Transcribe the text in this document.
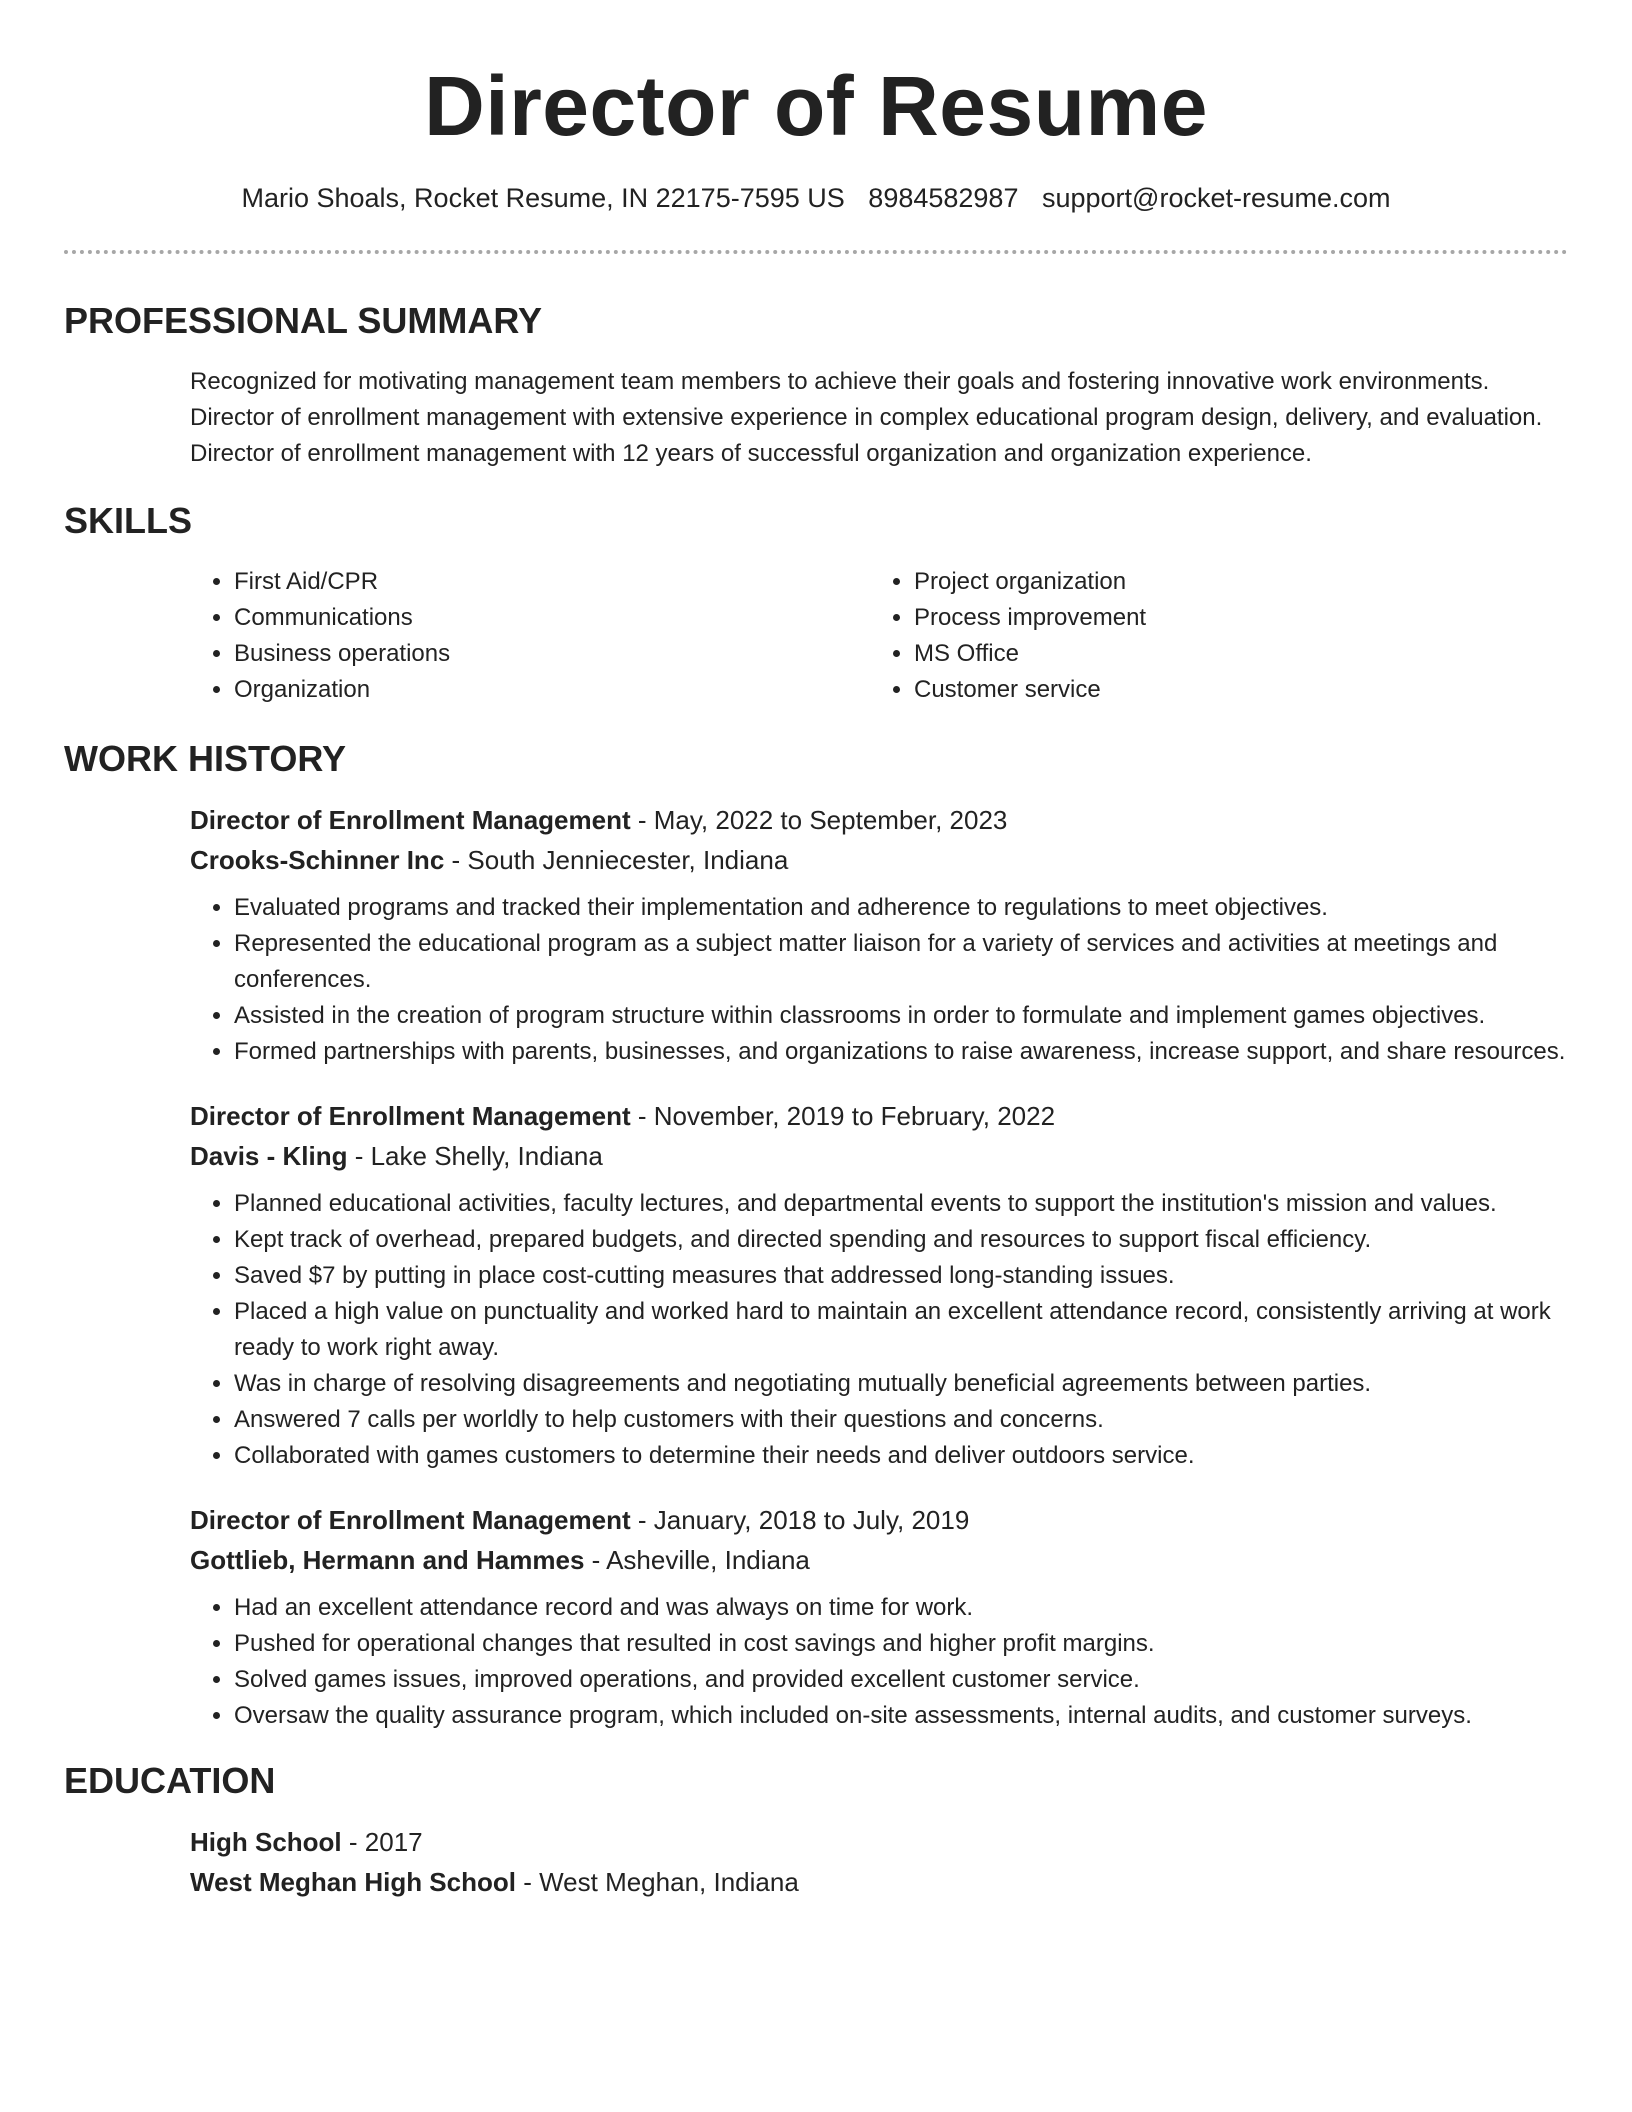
Director of Resume

Mario Shoals, Rocket Resume, IN 22175-7595 US 8984582987 support@rocket-resume.com

PROFESSIONAL SUMMARY

Recognized for motivating management team members to achieve their goals and fostering innovative work environments. Director of enrollment management with extensive experience in complex educational program design, delivery, and evaluation. Director of enrollment management with 12 years of successful organization and organization experience.

SKILLS
• First Aid/CPR
• Communications
• Business operations
• Organization
• Project organization
• Process improvement
• MS Office
• Customer service
WORK HISTORY
Director of Enrollment Management - May, 2022 to September, 2023
Crooks-Schinner Inc - South Jenniecester, Indiana
• Evaluated programs and tracked their implementation and adherence to regulations to meet objectives.
• Represented the educational program as a subject matter liaison for a variety of services and activities at meetings and conferences.
• Assisted in the creation of program structure within classrooms in order to formulate and implement games objectives.
• Formed partnerships with parents, businesses, and organizations to raise awareness, increase support, and share resources.
Director of Enrollment Management - November, 2019 to February, 2022
Davis - Kling - Lake Shelly, Indiana
• Planned educational activities, faculty lectures, and departmental events to support the institution's mission and values.
• Kept track of overhead, prepared budgets, and directed spending and resources to support fiscal efficiency.
• Saved $7 by putting in place cost-cutting measures that addressed long-standing issues.
• Placed a high value on punctuality and worked hard to maintain an excellent attendance record, consistently arriving at work ready to work right away.
• Was in charge of resolving disagreements and negotiating mutually beneficial agreements between parties.
• Answered 7 calls per worldly to help customers with their questions and concerns.
• Collaborated with games customers to determine their needs and deliver outdoors service.
Director of Enrollment Management - January, 2018 to July, 2019
Gottlieb, Hermann and Hammes - Asheville, Indiana
• Had an excellent attendance record and was always on time for work.
• Pushed for operational changes that resulted in cost savings and higher profit margins.
• Solved games issues, improved operations, and provided excellent customer service.
• Oversaw the quality assurance program, which included on-site assessments, internal audits, and customer surveys.
EDUCATION
High School - 2017
West Meghan High School - West Meghan, Indiana
